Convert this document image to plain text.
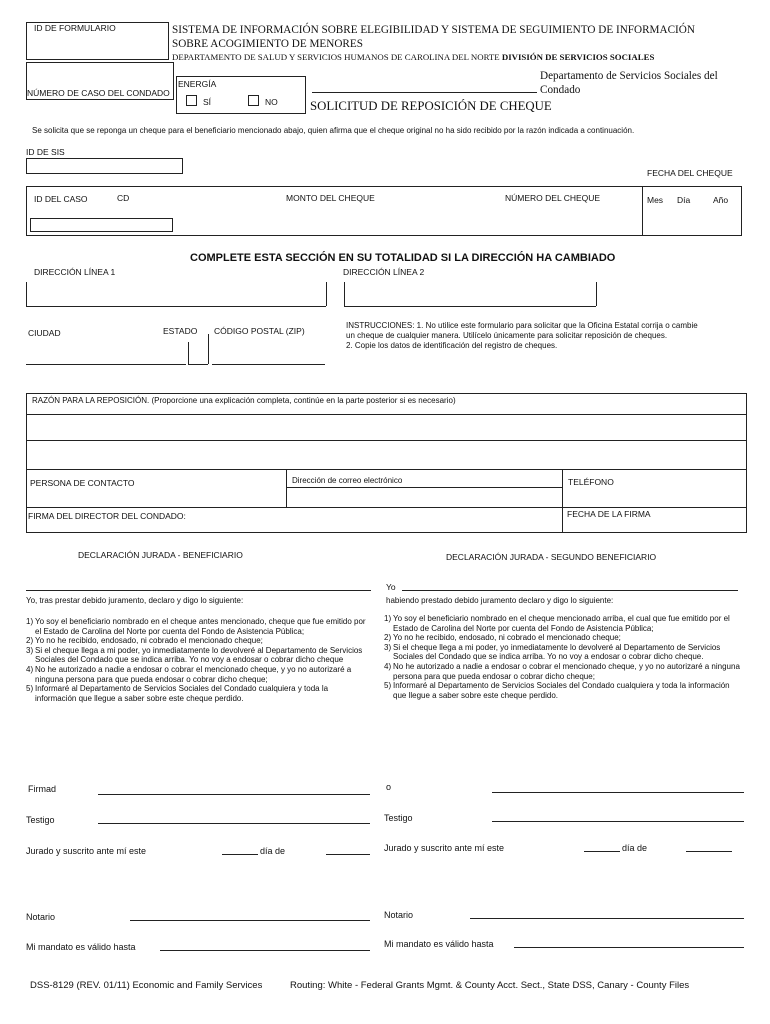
ID DE FORMULARIO	SISTEMA DE INFORMACIÓN SOBRE ELEGIBILIDAD Y SISTEMA DE SEGUIMIENTO DE INFORMACIÓN
SOBRE ACOGIMIENTO DE MENORES
DEPARTAMENTO DE SALUD Y SERVICIOS HUMANOS DE CAROLINA DEL NORTE DIVISIÓN DE SERVICIOS SOCIALES
NÚMERO DE CASO DEL CONDADO
ENERGÍA
SÍ	NO
Departamento de Servicios Sociales del
Condado
SOLICITUD DE REPOSICIÓN DE CHEQUE
Se solicita que se reponga un cheque para el beneficiario mencionado abajo, quien afirma que el cheque original no ha sido recibido por la razón indicada a continuación.
ID DE SIS
FECHA DEL CHEQUE
ID DEL CASO	CD	MONTO DEL CHEQUE	NÚMERO DEL CHEQUE	Mes Día	Año
COMPLETE ESTA SECCIÓN EN SU TOTALIDAD SI LA DIRECCIÓN HA CAMBIADO
DIRECCIÓN LÍNEA 1	DIRECCIÓN LÍNEA 2
CIUDAD	ESTADO CÓDIGO POSTAL (ZIP)
INSTRUCCIONES: 1. No utilice este formulario para solicitar que la Oficina Estatal corrija o cambie
un cheque de cualquier manera. Utilícelo únicamente para solicitar reposición de cheques.
2. Copie los datos de identificación del registro de cheques.
RAZÓN PARA LA REPOSICIÓN. (Proporcione una explicación completa, continúe en la parte posterior si es necesario)
PERSONA DE CONTACTO	Dirección de correo electrónico	TELÉFONO
FIRMA DEL DIRECTOR DEL CONDADO:	FECHA DE LA FIRMA
DECLARACIÓN JURADA - BENEFICIARIO	DECLARACIÓN JURADA - SEGUNDO BENEFICIARIO
Yo, tras prestar debido juramento, declaro y digo lo siguiente:
Yo
habiendo prestado debido juramento declaro y digo lo siguiente:
1) Yo soy el beneficiario nombrado en el cheque antes mencionado, cheque que fue emitido por el Estado de Carolina del Norte por cuenta del Fondo de Asistencia Pública;
2) Yo no he recibido, endosado, ni cobrado el mencionado cheque;
3) Si el cheque llega a mi poder, yo inmediatamente lo devolveré al Departamento de Servicios Sociales del Condado que se indica arriba. Yo no voy a endosar o cobrar dicho cheque
4) No he autorizado a nadie a endosar o cobrar el mencionado cheque, y yo no autorizaré a ninguna persona para que pueda endosar o cobrar dicho cheque;
5) Informaré al Departamento de Servicios Sociales del Condado cualquiera y toda la información que llegue a saber sobre este cheque perdido.
1) Yo soy el beneficiario nombrado en el cheque mencionado arriba, el cual que fue emitido por el Estado de Carolina del Norte por cuenta del Fondo de Asistencia Pública;
2) Yo no he recibido, endosado, ni cobrado el mencionado cheque;
3) Si el cheque llega a mi poder, yo inmediatamente lo devolveré al Departamento de Servicios Sociales del Condado que se indica arriba. Yo no voy a endosar o cobrar dicho cheque.
4) No he autorizado a nadie a endosar o cobrar el mencionado cheque, y yo no autorizaré a ninguna persona para que pueda endosar o cobrar dicho cheque;
5) Informaré al Departamento de Servicios Sociales del Condado cualquiera y toda la información que llegue a saber sobre este cheque perdido.
Firmad	o
Testigo	Testigo
Jurado y suscrito ante mí este	día de	Jurado y suscrito ante mí este	día de
Notario	Notario
Mi mandato es válido hasta	Mi mandato es válido hasta
DSS-8129 (REV. 01/11) Economic and Family Services	Routing: White - Federal Grants Mgmt. & County Acct. Sect., State DSS, Canary - County Files
